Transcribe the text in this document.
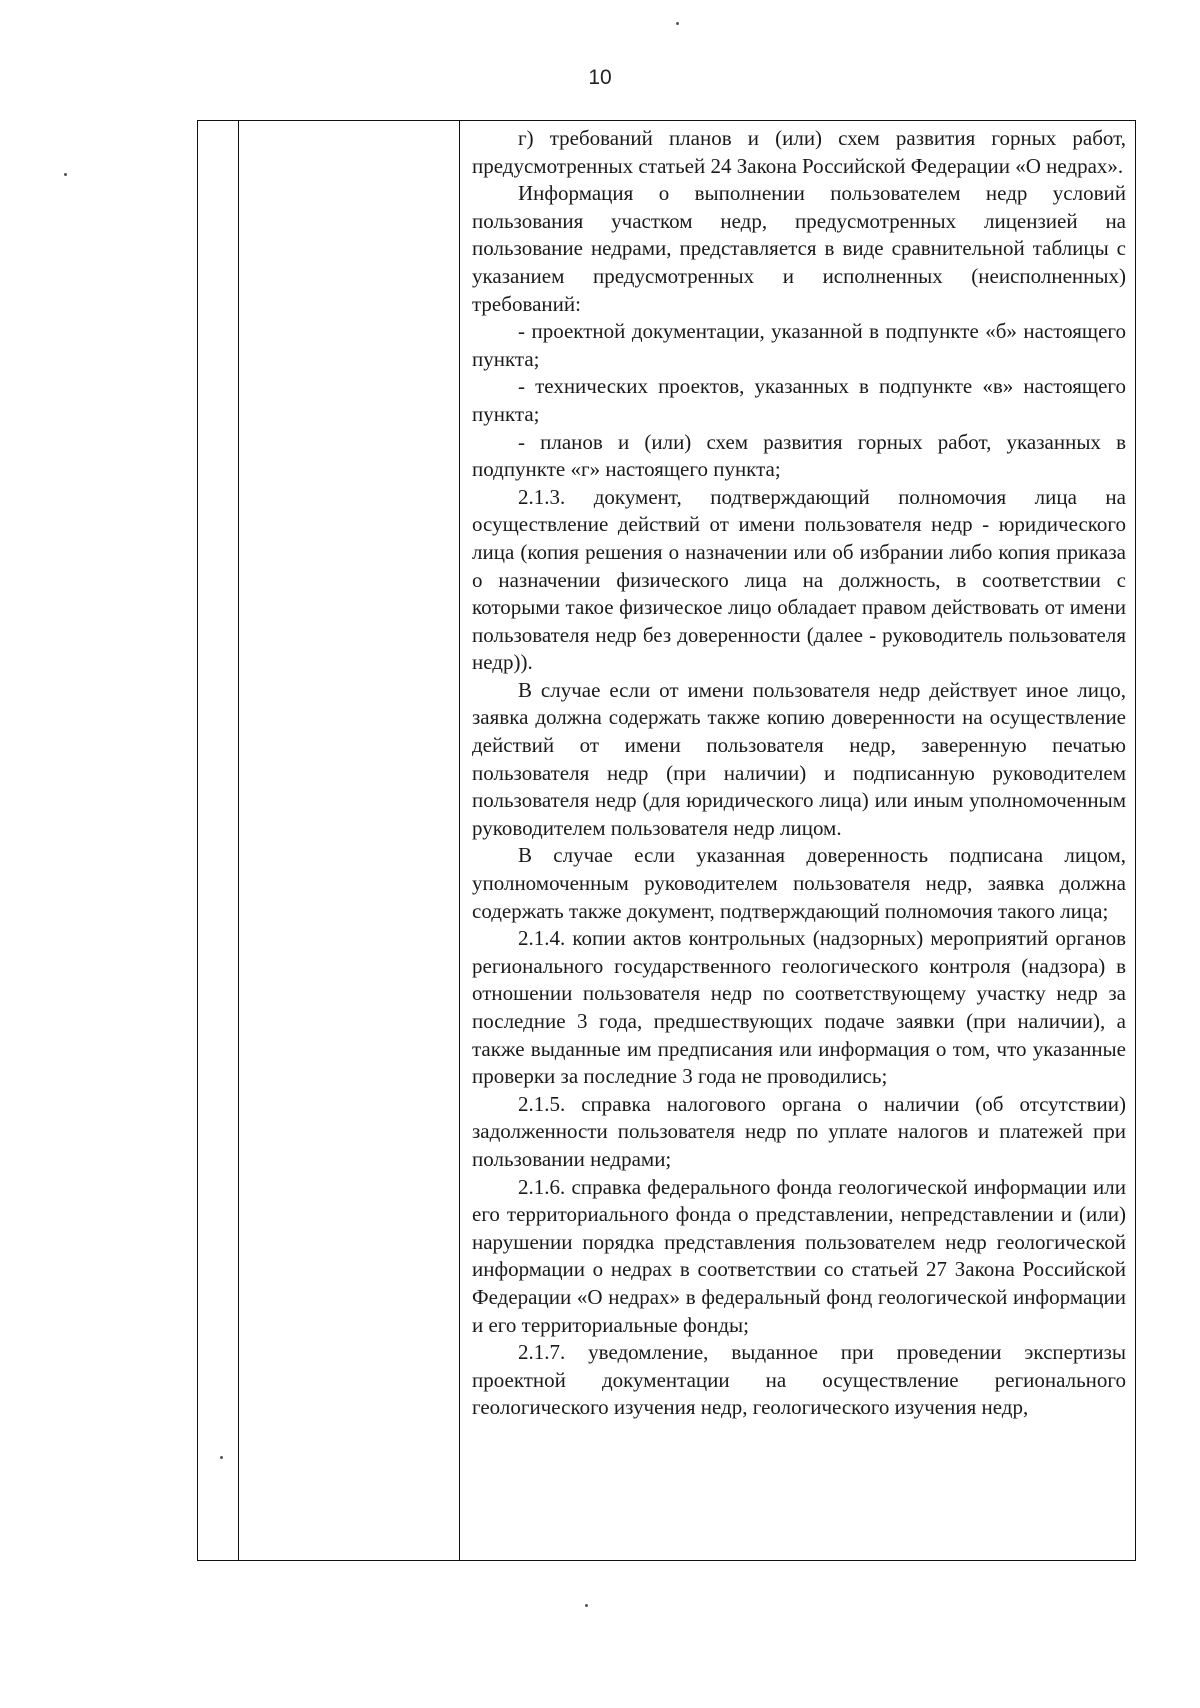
10

г) требований планов и (или) схем развития горных работ, предусмотренных статьей 24 Закона Российской Федерации «О недрах».

Информация о выполнении пользователем недр условий пользования участком недр, предусмотренных лицензией на пользование недрами, представляется в виде сравнительной таблицы с указанием предусмотренных и исполненных (неисполненных) требований:

- проектной документации, указанной в подпункте «б» настоящего пункта;

- технических проектов, указанных в подпункте «в» настоящего пункта;

- планов и (или) схем развития горных работ, указанных в подпункте «г» настоящего пункта;

2.1.3. документ, подтверждающий полномочия лица на осуществление действий от имени пользователя недр - юридического лица (копия решения о назначении или об избрании либо копия приказа о назначении физического лица на должность, в соответствии с которыми такое физическое лицо обладает правом действовать от имени пользователя недр без доверенности (далее - руководитель пользователя недр)).

В случае если от имени пользователя недр действует иное лицо, заявка должна содержать также копию доверенности на осуществление действий от имени пользователя недр, заверенную печатью пользователя недр (при наличии) и подписанную руководителем пользователя недр (для юридического лица) или иным уполномоченным руководителем пользователя недр лицом.

В случае если указанная доверенность подписана лицом, уполномоченным руководителем пользователя недр, заявка должна содержать также документ, подтверждающий полномочия такого лица;

2.1.4. копии актов контрольных (надзорных) мероприятий органов регионального государственного геологического контроля (надзора) в отношении пользователя недр по соответствующему участку недр за последние 3 года, предшествующих подаче заявки (при наличии), а также выданные им предписания или информация о том, что указанные проверки за последние 3 года не проводились;

2.1.5. справка налогового органа о наличии (об отсутствии) задолженности пользователя недр по уплате налогов и платежей при пользовании недрами;

2.1.6. справка федерального фонда геологической информации или его территориального фонда о представлении, непредставлении и (или) нарушении порядка представления пользователем недр геологической информации о недрах в соответствии со статьей 27 Закона Российской Федерации «О недрах» в федеральный фонд геологической информации и его территориальные фонды;

2.1.7. уведомление, выданное при проведении экспертизы проектной документации на осуществление регионального геологического изучения недр, геологического изучения недр,
